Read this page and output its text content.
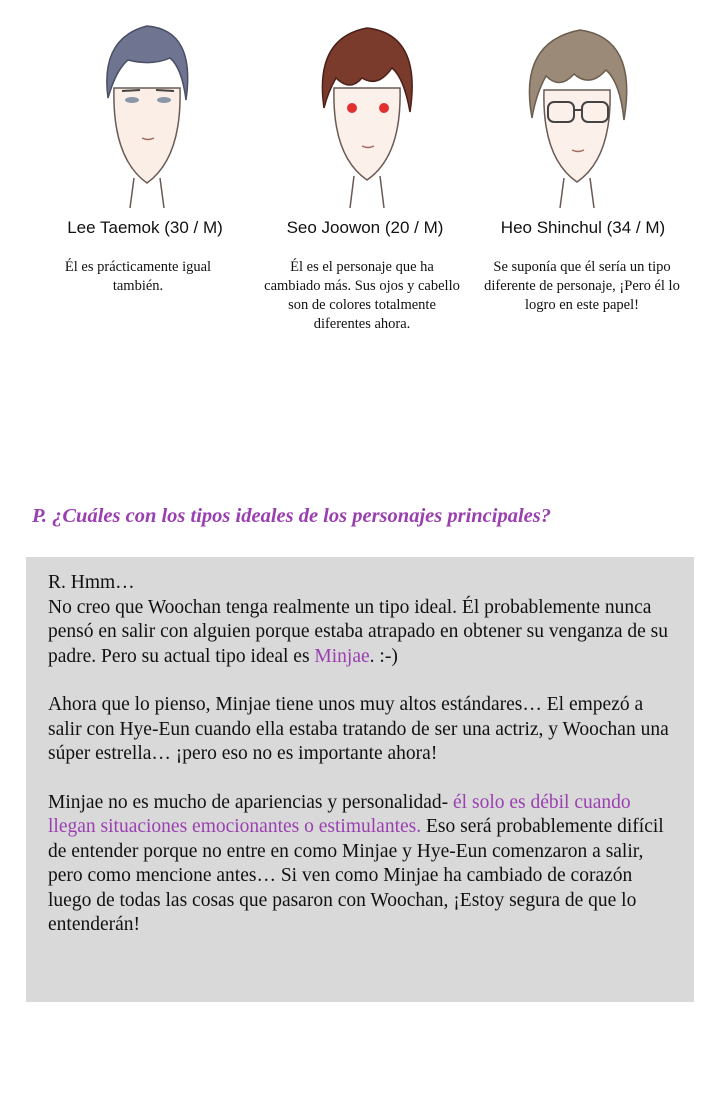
Lee Taemok (30 / M)	Seo Joowon (20 / M)	Heo Shinchul (34 / M)
Él es prácticamente igual también.
Él es el personaje que ha cambiado más. Sus ojos y cabello son de colores totalmente diferentes ahora.
Se suponía que él sería un tipo diferente de personaje, ¡Pero él lo logro en este papel!
P. ¿Cuáles con los tipos ideales de los personajes principales?

R. Hmm…
No creo que Woochan tenga realmente un tipo ideal. Él probablemente nunca pensó en salir con alguien porque estaba atrapado en obtener su venganza de su padre. Pero su actual tipo ideal es Minjae. :-)

Ahora que lo pienso, Minjae tiene unos muy altos estándares… El empezó a salir con Hye-Eun cuando ella estaba tratando de ser una actriz, y Woochan una súper estrella… ¡pero eso no es importante ahora!

Minjae no es mucho de apariencias y personalidad- él solo es débil cuando llegan situaciones emocionantes o estimulantes. Eso será probablemente difícil de entender porque no entre en como Minjae y Hye-Eun comenzaron a salir, pero como mencione antes… Si ven como Minjae ha cambiado de corazón luego de todas las cosas que pasaron con Woochan, ¡Estoy segura de que lo entenderán!
